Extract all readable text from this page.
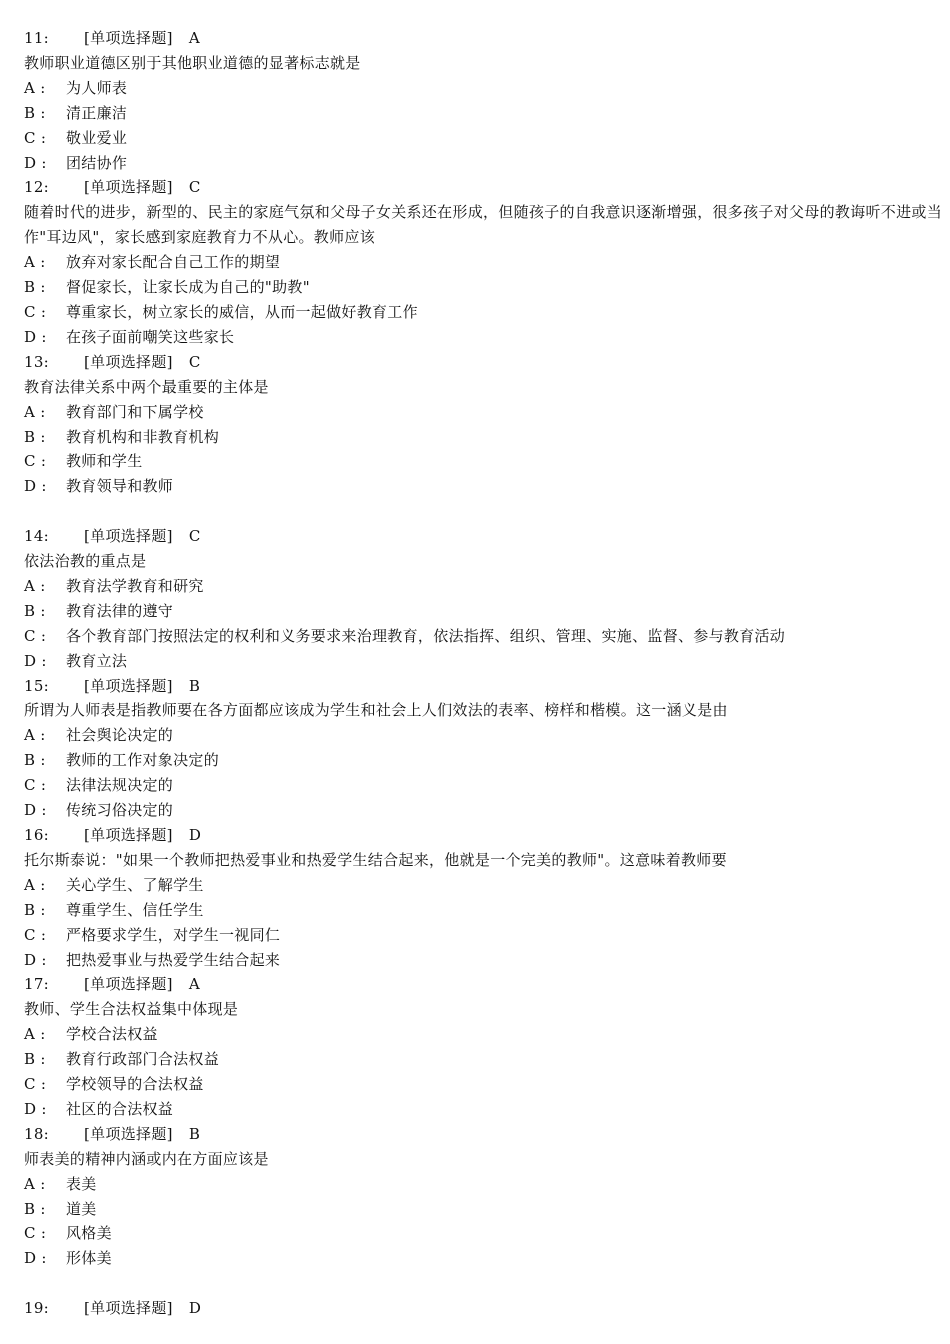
11: [单项选择题] A
教师职业道德区别于其他职业道德的显著标志就是
A : 为人师表
B : 清正廉洁
C : 敬业爱业
D : 团结协作
12: [单项选择题] C
随着时代的进步，新型的、民主的家庭气氛和父母子女关系还在形成，但随孩子的自我意识逐渐增强，很多孩子对父母的教诲听不进或当作"耳边风"，家长感到家庭教育力不从心。教师应该
A : 放弃对家长配合自己工作的期望
B : 督促家长，让家长成为自己的"助教"
C : 尊重家长，树立家长的威信，从而一起做好教育工作
D : 在孩子面前嘲笑这些家长
13: [单项选择题] C
教育法律关系中两个最重要的主体是
A : 教育部门和下属学校
B : 教育机构和非教育机构
C : 教师和学生
D : 教育领导和教师
14: [单项选择题] C
依法治教的重点是
A : 教育法学教育和研究
B : 教育法律的遵守
C : 各个教育部门按照法定的权利和义务要求来治理教育，依法指挥、组织、管理、实施、监督、参与教育活动
D : 教育立法
15: [单项选择题] B
所谓为人师表是指教师要在各方面都应该成为学生和社会上人们效法的表率、榜样和楷模。这一涵义是由
A : 社会舆论决定的
B : 教师的工作对象决定的
C : 法律法规决定的
D : 传统习俗决定的
16: [单项选择题] D
托尔斯泰说："如果一个教师把热爱事业和热爱学生结合起来，他就是一个完美的教师"。这意味着教师要
A : 关心学生、了解学生
B : 尊重学生、信任学生
C : 严格要求学生，对学生一视同仁
D : 把热爱事业与热爱学生结合起来
17: [单项选择题] A
教师、学生合法权益集中体现是
A : 学校合法权益
B : 教育行政部门合法权益
C : 学校领导的合法权益
D : 社区的合法权益
18: [单项选择题] B
师表美的精神内涵或内在方面应该是
A : 表美
B : 道美
C : 风格美
D : 形体美
19: [单项选择题] D
